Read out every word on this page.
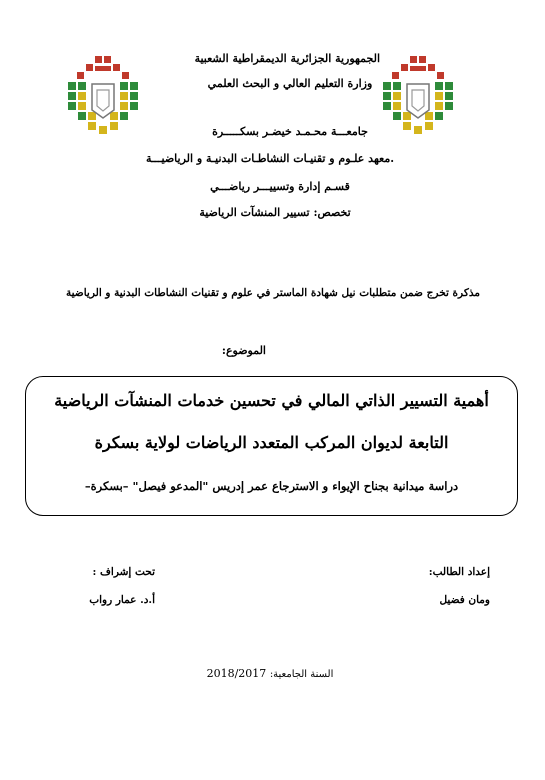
الجمهورية الجزائرية الديمقراطية الشعبية
وزارة التعليم العالي و البحث العلمي
جامعـــة محـمـد خيضـر بسكـــــرة
.معهد علـوم و تقنيـات النشاطـات البدنيـة و الرياضيـــة
قسـم إدارة وتسييـــر رياضـــي
تخصص: تسيير المنشآت الرياضية
مذكرة تخرج ضمن متطلبات نيل شهادة الماستر في علوم و تقنيات النشاطات البدنية و الرياضية
الموضوع:
أهمية التسيير الذاتي المالي في تحسين خدمات المنشآت الرياضية
التابعة لديوان المركب المتعدد الرياضات لولاية بسكرة
دراسة ميدانية بجناح الإيواء و الاسترجاع عمر إدريس "المدعو فيصل" –بسكرة–
إعداد الطالب:
ومان فضيل
تحت إشراف :
أ.د. عمار رواب
السنة الجامعية: 2018/2017
